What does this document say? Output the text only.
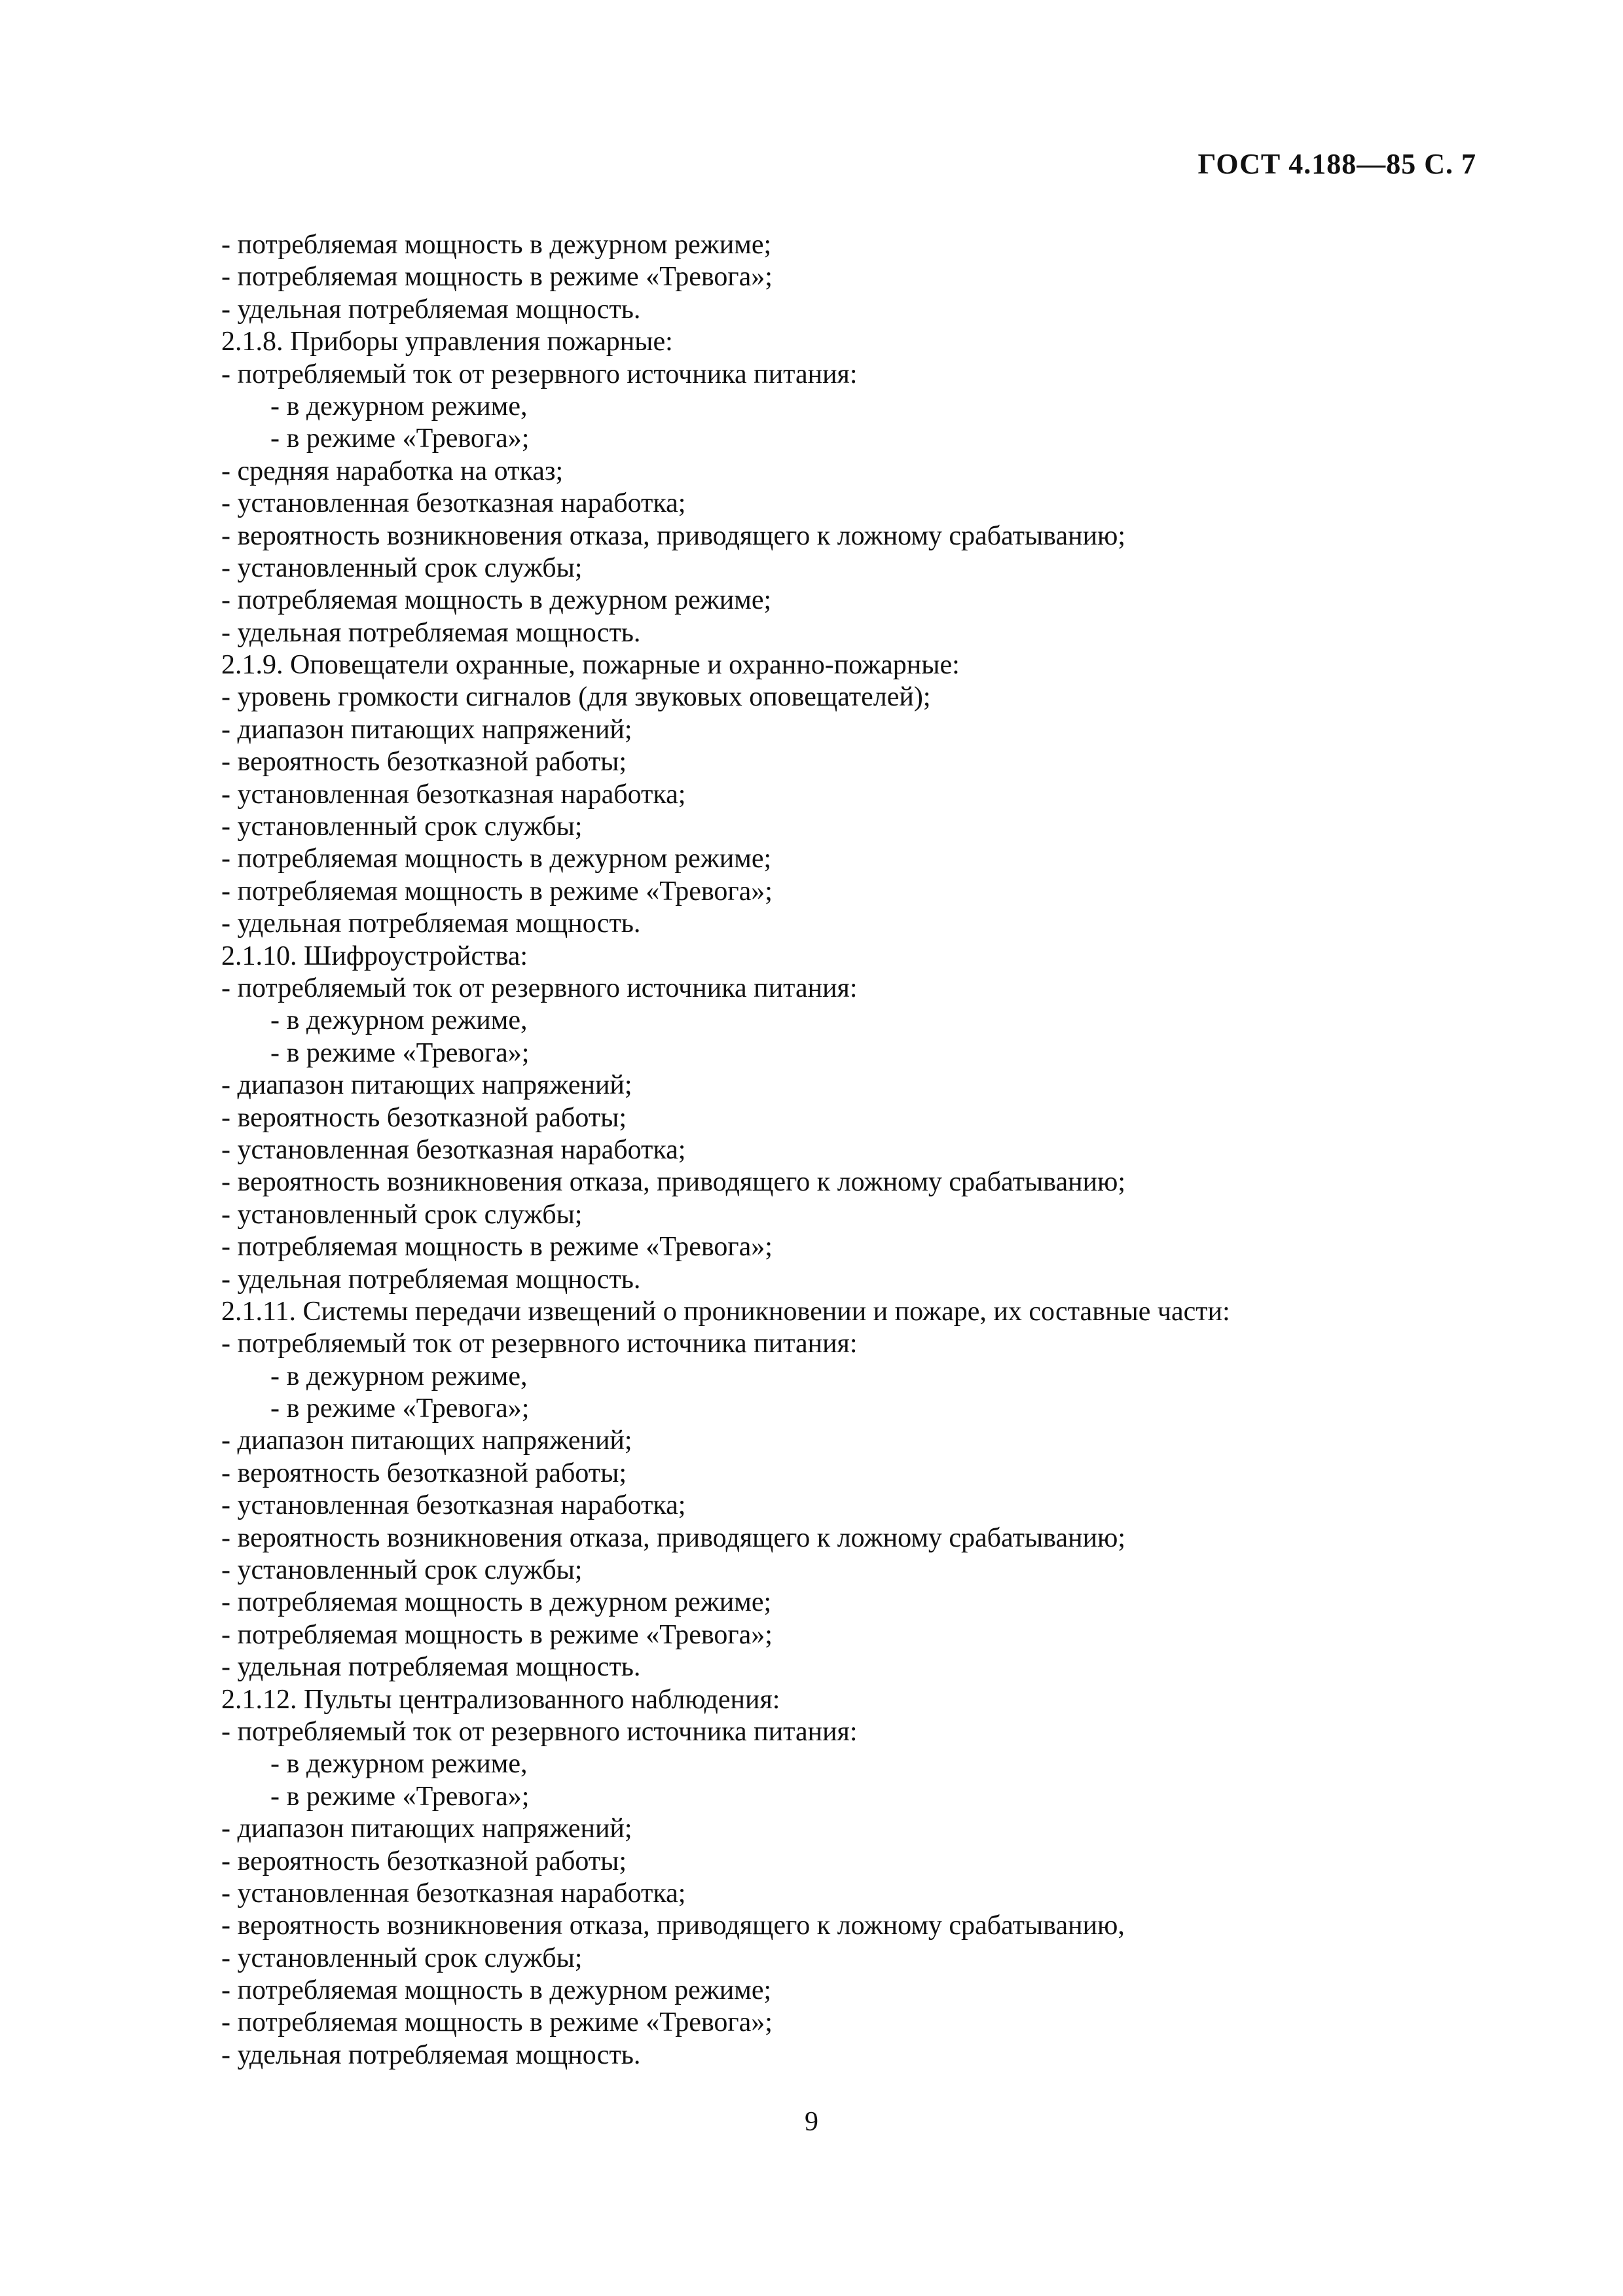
ГОСТ 4.188—85 С. 7
- потребляемая мощность в дежурном режиме;
- потребляемая мощность в режиме «Тревога»;
- удельная потребляемая мощность.
2.1.8. Приборы управления пожарные:
- потребляемый ток от резервного источника питания:
- в дежурном режиме,
- в режиме «Тревога»;
- средняя наработка на отказ;
- установленная безотказная наработка;
- вероятность возникновения отказа, приводящего к ложному срабатыванию;
- установленный срок службы;
- потребляемая мощность в дежурном режиме;
- удельная потребляемая мощность.
2.1.9. Оповещатели охранные, пожарные и охранно-пожарные:
- уровень громкости сигналов (для звуковых оповещателей);
- диапазон питающих напряжений;
- вероятность безотказной работы;
- установленная безотказная наработка;
- установленный срок службы;
- потребляемая мощность в дежурном режиме;
- потребляемая мощность в режиме «Тревога»;
- удельная потребляемая мощность.
2.1.10. Шифроустройства:
- потребляемый ток от резервного источника питания:
- в дежурном режиме,
- в режиме «Тревога»;
- диапазон питающих напряжений;
- вероятность безотказной работы;
- установленная безотказная наработка;
- вероятность возникновения отказа, приводящего к ложному срабатыванию;
- установленный срок службы;
- потребляемая мощность в режиме «Тревога»;
- удельная потребляемая мощность.
2.1.11. Системы передачи извещений о проникновении и пожаре, их составные части:
- потребляемый ток от резервного источника питания:
- в дежурном режиме,
- в режиме «Тревога»;
- диапазон питающих напряжений;
- вероятность безотказной работы;
- установленная безотказная наработка;
- вероятность возникновения отказа, приводящего к ложному срабатыванию;
- установленный срок службы;
- потребляемая мощность в дежурном режиме;
- потребляемая мощность в режиме «Тревога»;
- удельная потребляемая мощность.
2.1.12. Пульты централизованного наблюдения:
- потребляемый ток от резервного источника питания:
- в дежурном режиме,
- в режиме «Тревога»;
- диапазон питающих напряжений;
- вероятность безотказной работы;
- установленная безотказная наработка;
- вероятность возникновения отказа, приводящего к ложному срабатыванию,
- установленный срок службы;
- потребляемая мощность в дежурном режиме;
- потребляемая мощность в режиме «Тревога»;
- удельная потребляемая мощность.
9
